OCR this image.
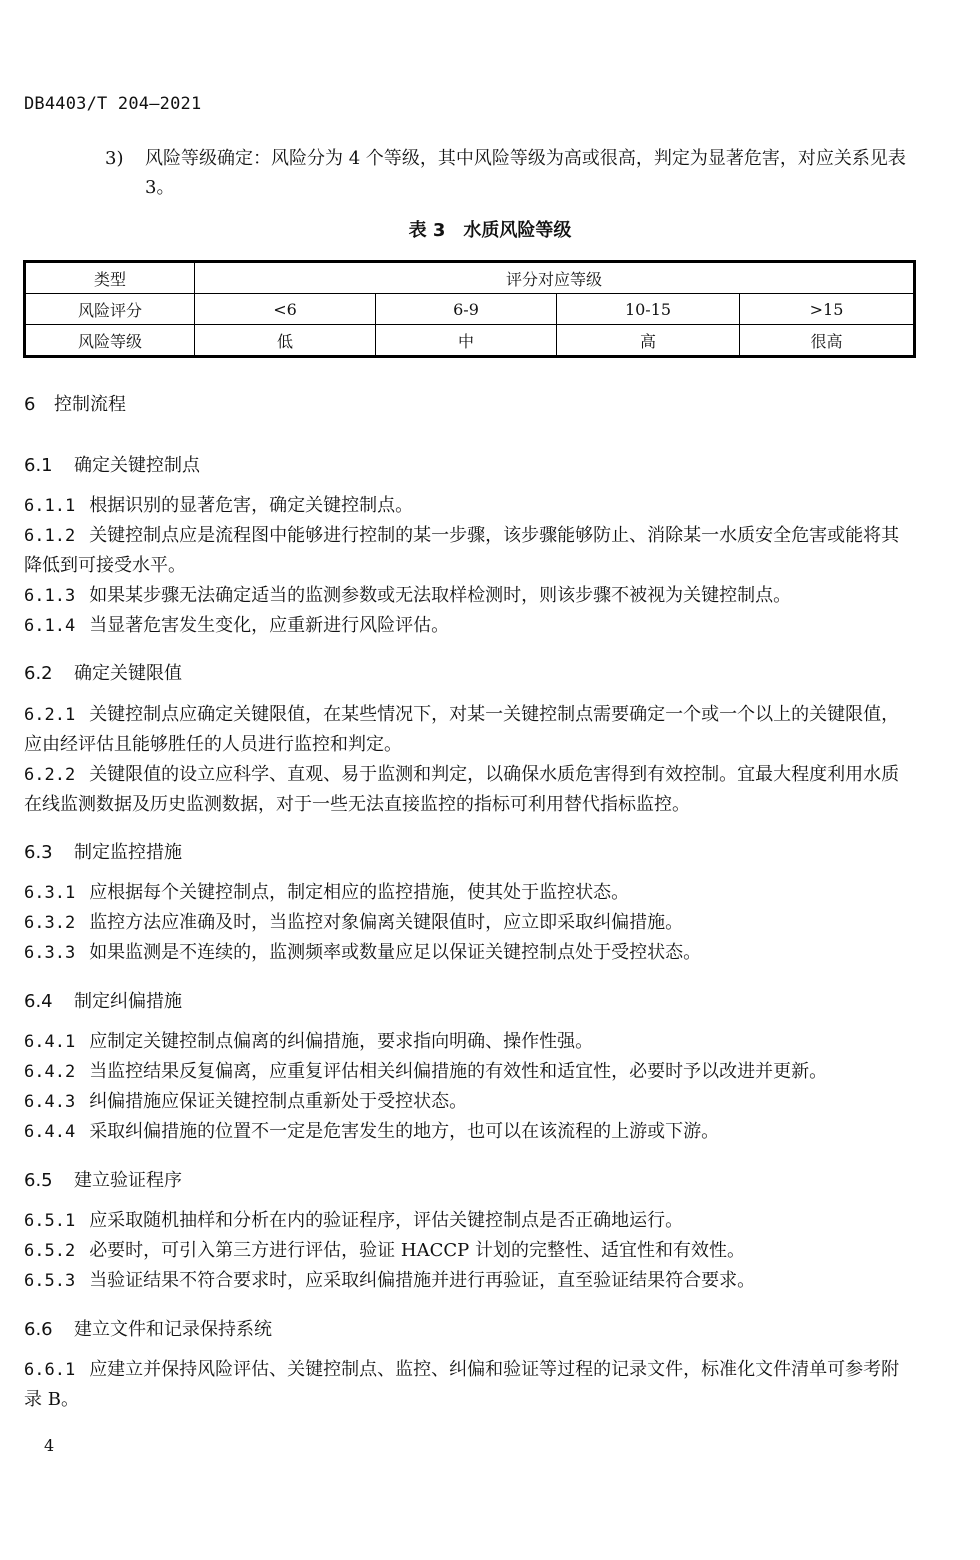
DB4403/T 204—2021
3) 风险等级确定：风险分为 4 个等级，其中风险等级为高或很高，判定为显著危害，对应关系见表 3。
表 3　水质风险等级
类型	评分对应等级			
风险评分	<6	6-9	10-15	>15
风险等级	低	中	高	很高
6 控制流程
6.1 确定关键控制点
6.1.1 根据识别的显著危害，确定关键控制点。
6.1.2 关键控制点应是流程图中能够进行控制的某一步骤，该步骤能够防止、消除某一水质安全危害或能将其降低到可接受水平。
6.1.3 如果某步骤无法确定适当的监测参数或无法取样检测时，则该步骤不被视为关键控制点。
6.1.4 当显著危害发生变化，应重新进行风险评估。
6.2 确定关键限值
6.2.1 关键控制点应确定关键限值，在某些情况下，对某一关键控制点需要确定一个或一个以上的关键限值，应由经评估且能够胜任的人员进行监控和判定。
6.2.2 关键限值的设立应科学、直观、易于监测和判定，以确保水质危害得到有效控制。宜最大程度利用水质在线监测数据及历史监测数据，对于一些无法直接监控的指标可利用替代指标监控。
6.3 制定监控措施
6.3.1 应根据每个关键控制点，制定相应的监控措施，使其处于监控状态。
6.3.2 监控方法应准确及时，当监控对象偏离关键限值时，应立即采取纠偏措施。
6.3.3 如果监测是不连续的，监测频率或数量应足以保证关键控制点处于受控状态。
6.4 制定纠偏措施
6.4.1 应制定关键控制点偏离的纠偏措施，要求指向明确、操作性强。
6.4.2 当监控结果反复偏离，应重复评估相关纠偏措施的有效性和适宜性，必要时予以改进并更新。
6.4.3 纠偏措施应保证关键控制点重新处于受控状态。
6.4.4 采取纠偏措施的位置不一定是危害发生的地方，也可以在该流程的上游或下游。
6.5 建立验证程序
6.5.1 应采取随机抽样和分析在内的验证程序，评估关键控制点是否正确地运行。
6.5.2 必要时，可引入第三方进行评估，验证 HACCP 计划的完整性、适宜性和有效性。
6.5.3 当验证结果不符合要求时，应采取纠偏措施并进行再验证，直至验证结果符合要求。
6.6 建立文件和记录保持系统
6.6.1 应建立并保持风险评估、关键控制点、监控、纠偏和验证等过程的记录文件，标准化文件清单可参考附录 B。
4
